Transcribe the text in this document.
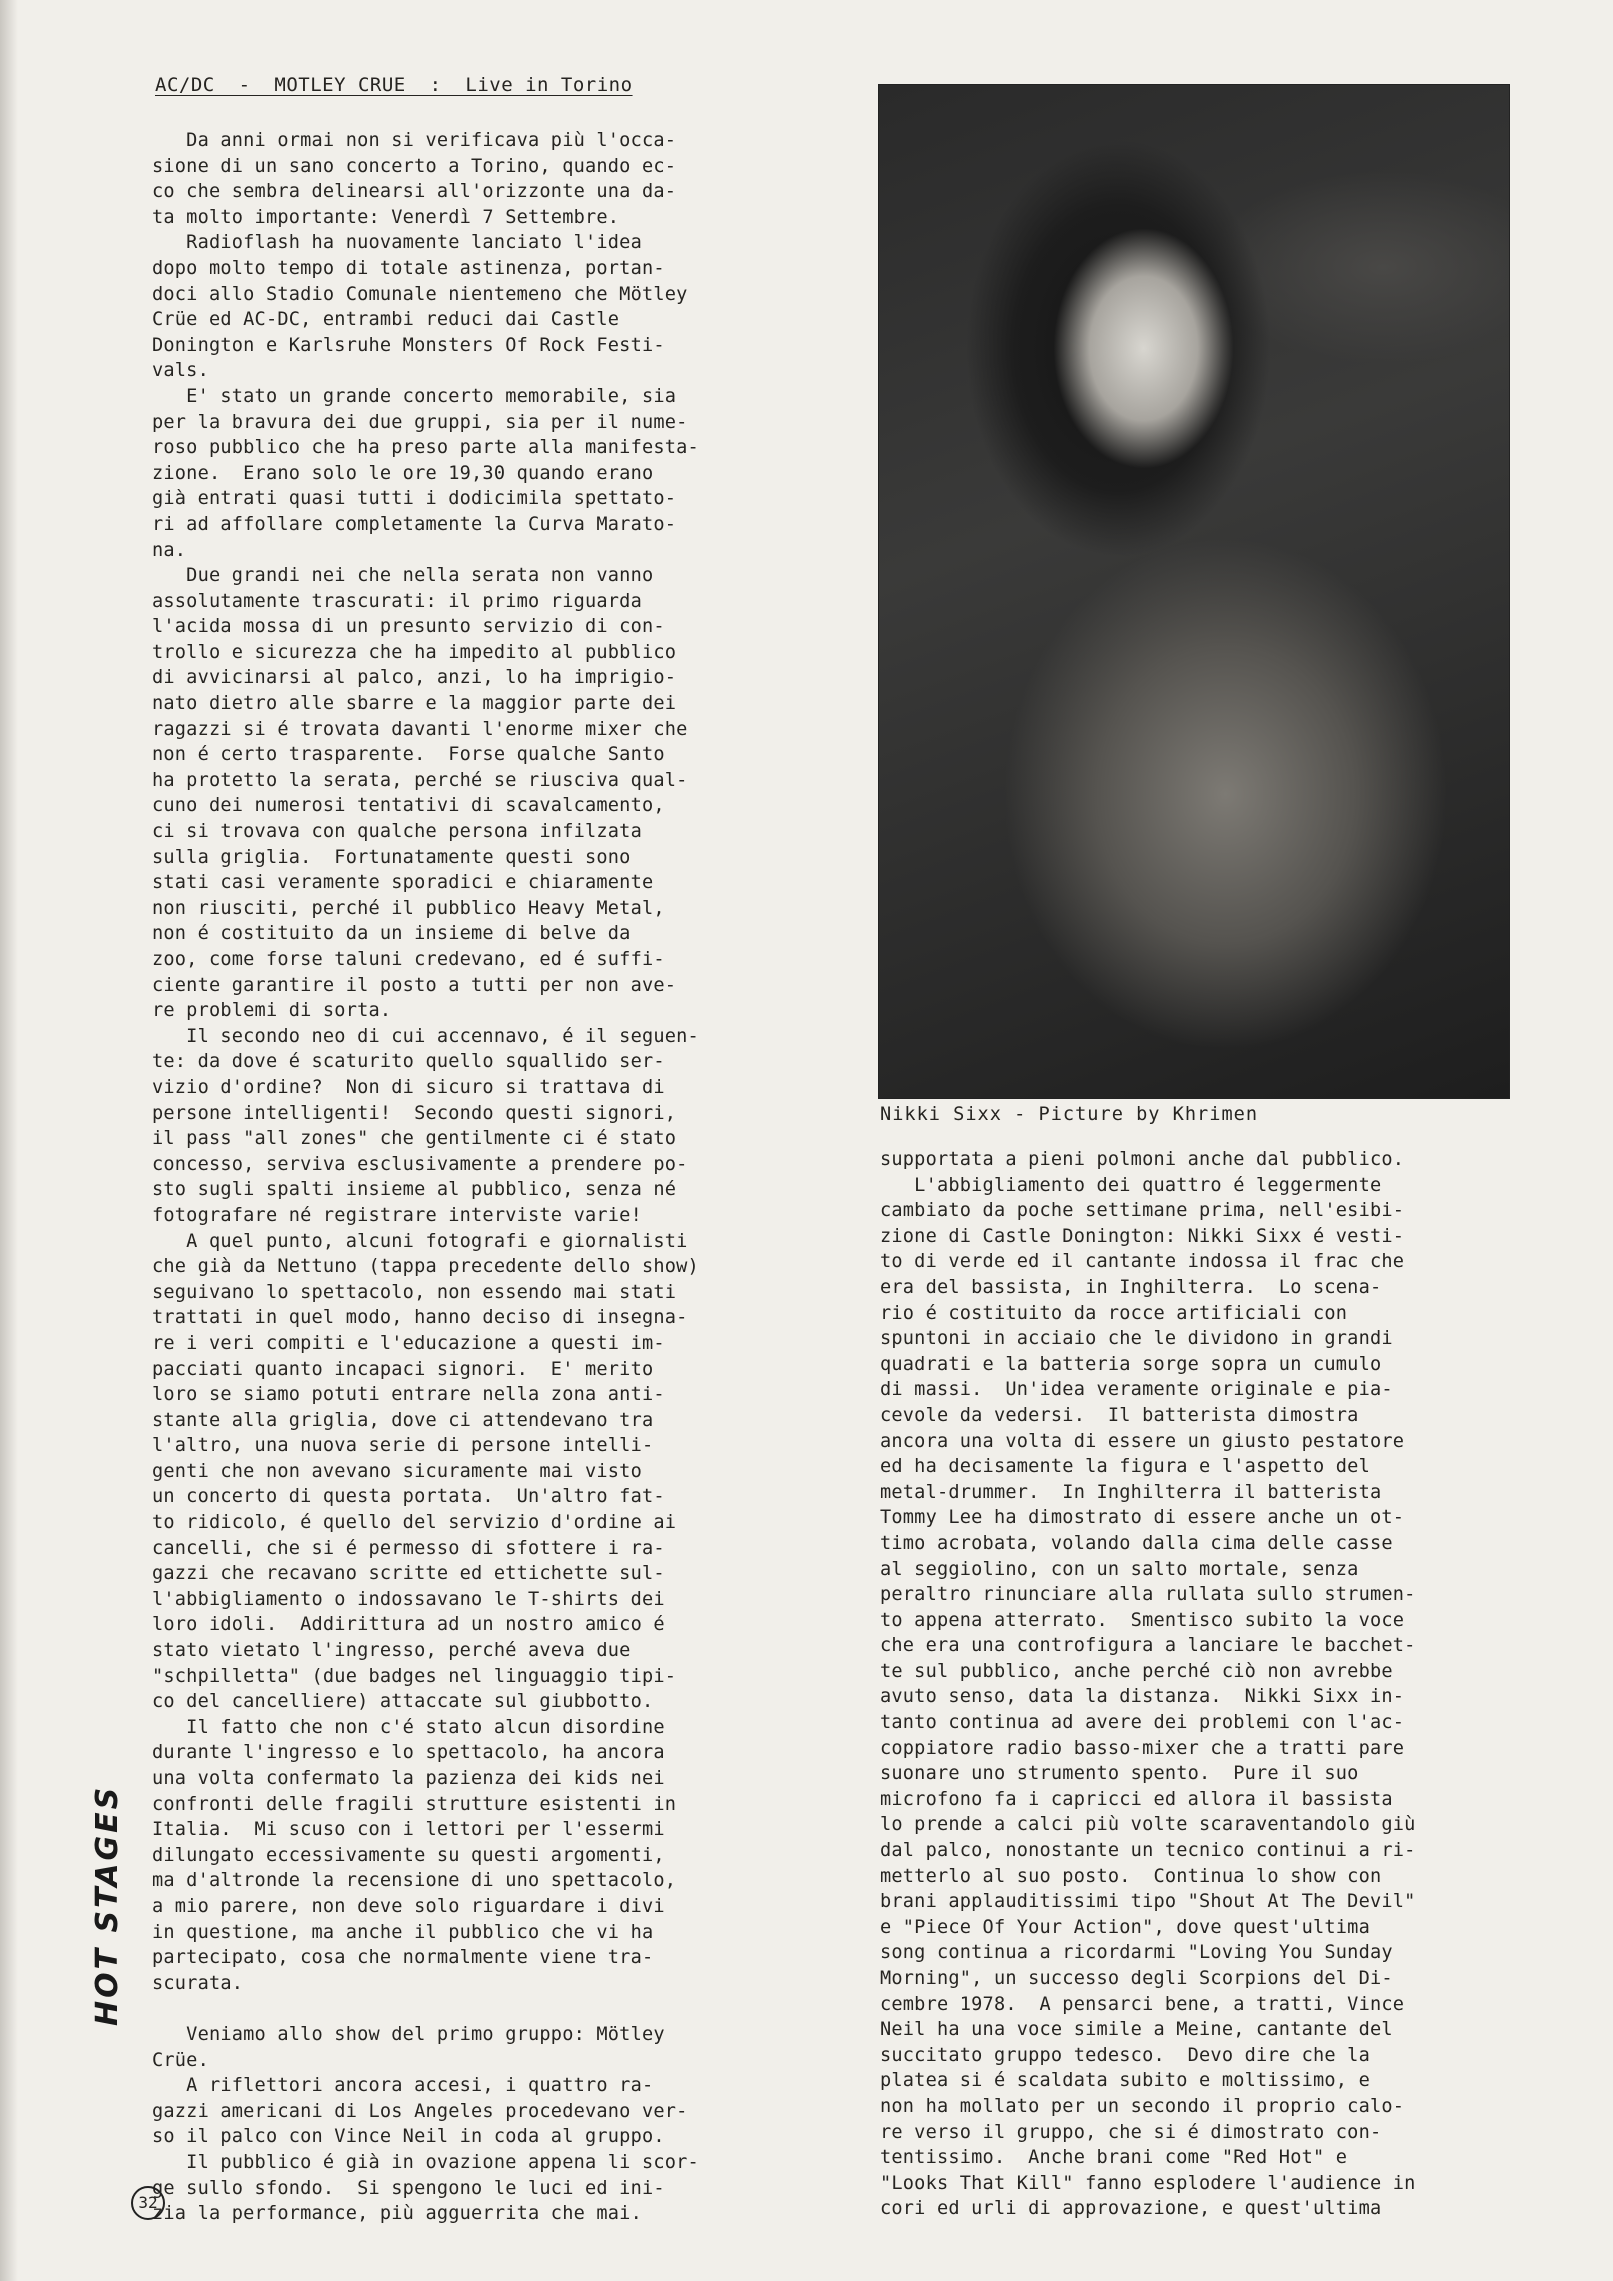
AC/DC  -  MOTLEY CRUE  :  Live in Torino

Da anni ormai non si verificava più l'occa-

sione di un sano concerto a Torino, quando ec-

co che sembra delinearsi all'orizzonte una da-

ta molto importante: Venerdì 7 Settembre.

Radioflash ha nuovamente lanciato l'idea

dopo molto tempo di totale astinenza, portan-

doci allo Stadio Comunale nientemeno che Mötley

Crüe ed AC-DC, entrambi reduci dai Castle

Donington e Karlsruhe Monsters Of Rock Festi-

vals.

E' stato un grande concerto memorabile, sia

per la bravura dei due gruppi, sia per il nume-

roso pubblico che ha preso parte alla manifesta-

zione.  Erano solo le ore 19,30 quando erano

già entrati quasi tutti i dodicimila spettato-

ri ad affollare completamente la Curva Marato-

na.

Due grandi nei che nella serata non vanno

assolutamente trascurati: il primo riguarda

l'acida mossa di un presunto servizio di con-

trollo e sicurezza che ha impedito al pubblico

di avvicinarsi al palco, anzi, lo ha imprigio-

nato dietro alle sbarre e la maggior parte dei

ragazzi si é trovata davanti l'enorme mixer che

non é certo trasparente.  Forse qualche Santo

ha protetto la serata, perché se riusciva qual-

cuno dei numerosi tentativi di scavalcamento,

ci si trovava con qualche persona infilzata

sulla griglia.  Fortunatamente questi sono

stati casi veramente sporadici e chiaramente

non riusciti, perché il pubblico Heavy Metal,

non é costituito da un insieme di belve da

zoo, come forse taluni credevano, ed é suffi-

ciente garantire il posto a tutti per non ave-

re problemi di sorta.

Il secondo neo di cui accennavo, é il seguen-

te: da dove é scaturito quello squallido ser-

vizio d'ordine?  Non di sicuro si trattava di

persone intelligenti!  Secondo questi signori,

il pass "all zones" che gentilmente ci é stato

concesso, serviva esclusivamente a prendere po-

sto sugli spalti insieme al pubblico, senza né

fotografare né registrare interviste varie!

A quel punto, alcuni fotografi e giornalisti

che già da Nettuno (tappa precedente dello show)

seguivano lo spettacolo, non essendo mai stati

trattati in quel modo, hanno deciso di insegna-

re i veri compiti e l'educazione a questi im-

pacciati quanto incapaci signori.  E' merito

loro se siamo potuti entrare nella zona anti-

stante alla griglia, dove ci attendevano tra

l'altro, una nuova serie di persone intelli-

genti che non avevano sicuramente mai visto

un concerto di questa portata.  Un'altro fat-

to ridicolo, é quello del servizio d'ordine ai

cancelli, che si é permesso di sfottere i ra-

gazzi che recavano scritte ed ettichette sul-

l'abbigliamento o indossavano le T-shirts dei

loro idoli.  Addirittura ad un nostro amico é

stato vietato l'ingresso, perché aveva due

"schpilletta" (due badges nel linguaggio tipi-

co del cancelliere) attaccate sul giubbotto.

Il fatto che non c'é stato alcun disordine

durante l'ingresso e lo spettacolo, ha ancora

una volta confermato la pazienza dei kids nei

confronti delle fragili strutture esistenti in

Italia.  Mi scuso con i lettori per l'essermi

dilungato eccessivamente su questi argomenti,

ma d'altronde la recensione di uno spettacolo,

a mio parere, non deve solo riguardare i divi

in questione, ma anche il pubblico che vi ha

partecipato, cosa che normalmente viene tra-

scurata.

Veniamo allo show del primo gruppo: Mötley

Crüe.

A riflettori ancora accesi, i quattro ra-

gazzi americani di Los Angeles procedevano ver-

so il palco con Vince Neil in coda al gruppo.

Il pubblico é già in ovazione appena li scor-

ge sullo sfondo.  Si spengono le luci ed ini-

zia la performance, più agguerrita che mai.

Nikki Sixx - Picture by Khrimen

supportata a pieni polmoni anche dal pubblico.

L'abbigliamento dei quattro é leggermente

cambiato da poche settimane prima, nell'esibi-

zione di Castle Donington: Nikki Sixx é vesti-

to di verde ed il cantante indossa il frac che

era del bassista, in Inghilterra.  Lo scena-

rio é costituito da rocce artificiali con

spuntoni in acciaio che le dividono in grandi

quadrati e la batteria sorge sopra un cumulo

di massi.  Un'idea veramente originale e pia-

cevole da vedersi.  Il batterista dimostra

ancora una volta di essere un giusto pestatore

ed ha decisamente la figura e l'aspetto del

metal-drummer.  In Inghilterra il batterista

Tommy Lee ha dimostrato di essere anche un ot-

timo acrobata, volando dalla cima delle casse

al seggiolino, con un salto mortale, senza

peraltro rinunciare alla rullata sullo strumen-

to appena atterrato.  Smentisco subito la voce

che era una controfigura a lanciare le bacchet-

te sul pubblico, anche perché ciò non avrebbe

avuto senso, data la distanza.  Nikki Sixx in-

tanto continua ad avere dei problemi con l'ac-

coppiatore radio basso-mixer che a tratti pare

suonare uno strumento spento.  Pure il suo

microfono fa i capricci ed allora il bassista

lo prende a calci più volte scaraventandolo giù

dal palco, nonostante un tecnico continui a ri-

metterlo al suo posto.  Continua lo show con

brani applauditissimi tipo "Shout At The Devil"

e "Piece Of Your Action", dove quest'ultima

song continua a ricordarmi "Loving You Sunday

Morning", un successo degli Scorpions del Di-

cembre 1978.  A pensarci bene, a tratti, Vince

Neil ha una voce simile a Meine, cantante del

succitato gruppo tedesco.  Devo dire che la

platea si é scaldata subito e moltissimo, e

non ha mollato per un secondo il proprio calo-

re verso il gruppo, che si é dimostrato con-

tentissimo.  Anche brani come "Red Hot" e

"Looks That Kill" fanno esplodere l'audience in

cori ed urli di approvazione, e quest'ultima

HOT STAGES
32
